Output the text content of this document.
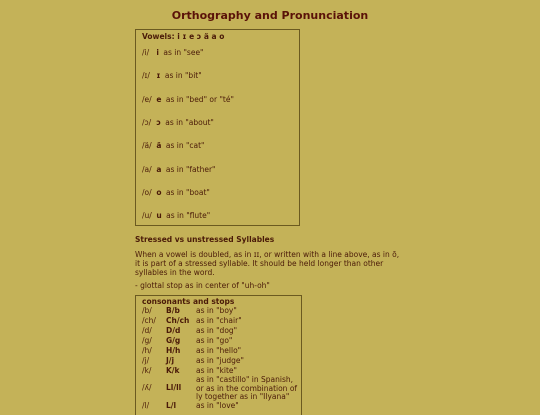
Orthography and Pronunciation
Vowels: i ɪ e ɔ ä a o
/i/ i as in "see"
/ɪ/ ɪ as in "bit"
/e/ e as in "bed" or "té"
/ɔ/ ɔ as in "about"
/ä/ ä as in "cat"
/a/ a as in "father"
/o/ o as in "boat"
/u/ u as in "flute"
Stressed vs unstressed Syllables
When a vowel is doubled, as in ɪɪ, or written with a line above, as in ō, it is part of a stressed syllable. It should be held longer than other syllables in the word.
- glottal stop as in center of "uh-oh"
consonants and stops
/b/ B/b as in "boy"
/ch/ Ch/ch as in "chair"
/d/ D/d as in "dog"
/g/ G/g as in "go"
/h/ H/h as in "hello"
/j/ J/j	as in "judge"
/k/ K/k as in "kite"
/ʎ/ Ll/ll
as in "castillo" in Spanish, or as in the combination of ly together as in "Ilyana"
/l/ L/l	as in "love"
